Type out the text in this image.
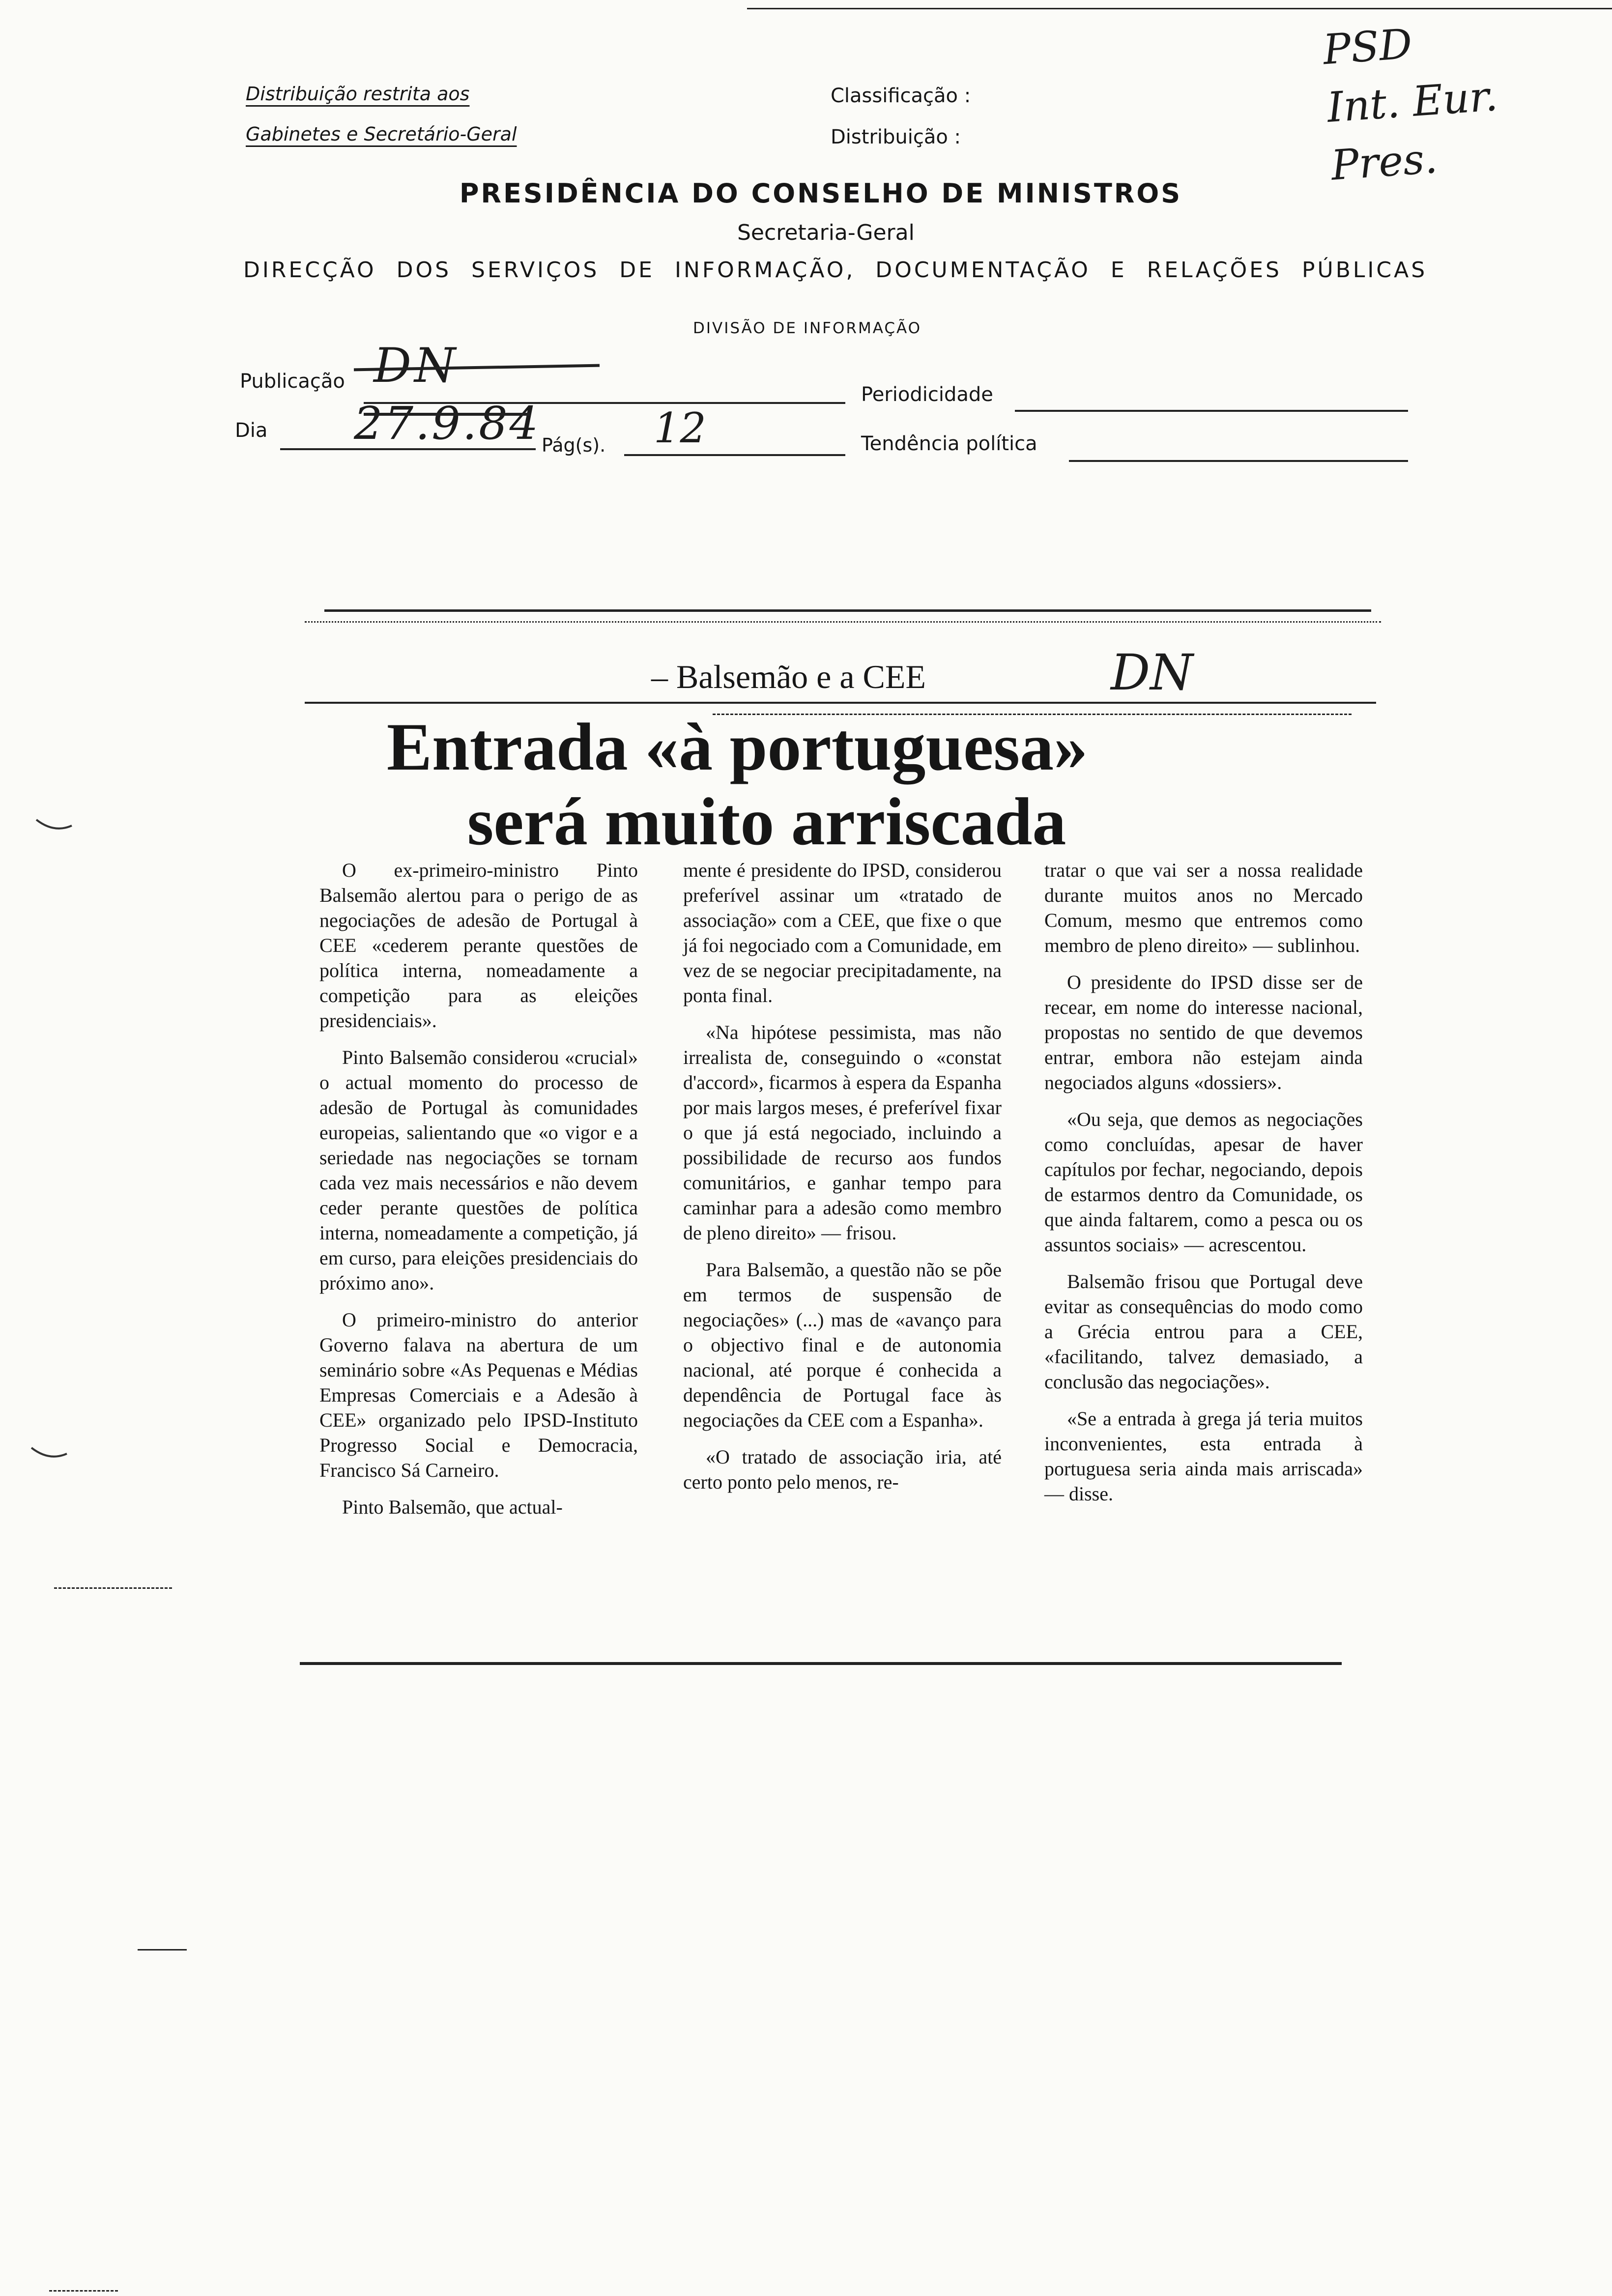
Distribuição restrita aos
Gabinetes e Secretário-Geral
Classificação :
Distribuição :
PSD
Int. Eur.
Pres.
PRESIDÊNCIA DO CONSELHO DE MINISTROS
Secretaria-Geral
DIRECÇÃO DOS SERVIÇOS DE INFORMAÇÃO, DOCUMENTAÇÃO E RELAÇÕES PÚBLICAS
DIVISÃO DE INFORMAÇÃO
Publicação DN
Dia 27.9.84 Pág(s). 12
Periodicidade
Tendência política
– Balsemão e a CEE	DN
Entrada «à portuguesa»
será muito arriscada

O ex-primeiro-ministro Pinto Balsemão alertou para o perigo de as negociações de adesão de Portugal à CEE «cederem perante questões de política interna, nomeadamente a competição para as eleições presidenciais».

Pinto Balsemão considerou «crucial» o actual momento do processo de adesão de Portugal às comunidades europeias, salientando que «o vigor e a seriedade nas negociações se tornam cada vez mais necessários e não devem ceder perante questões de política interna, nomeadamente a competição, já em curso, para eleições presidenciais do próximo ano».

O primeiro-ministro do anterior Governo falava na abertura de um seminário sobre «As Pequenas e Médias Empresas Comerciais e a Adesão à CEE» organizado pelo IPSD-Instituto Progresso Social e Democracia, Francisco Sá Carneiro.

Pinto Balsemão, que actual-

mente é presidente do IPSD, considerou preferível assinar um «tratado de associação» com a CEE, que fixe o que já foi negociado com a Comunidade, em vez de se negociar precipitadamente, na ponta final.

«Na hipótese pessimista, mas não irrealista de, conseguindo o «constat d'accord», ficarmos à espera da Espanha por mais largos meses, é preferível fixar o que já está negociado, incluindo a possibilidade de recurso aos fundos comunitários, e ganhar tempo para caminhar para a adesão como membro de pleno direito» — frisou.

Para Balsemão, a questão não se põe em termos de suspensão de negociações» (...) mas de «avanço para o objectivo final e de autonomia nacional, até porque é conhecida a dependência de Portugal face às negociações da CEE com a Espanha».

«O tratado de associação iria, até certo ponto pelo menos, re-

tratar o que vai ser a nossa realidade durante muitos anos no Mercado Comum, mesmo que entremos como membro de pleno direito» — sublinhou.

O presidente do IPSD disse ser de recear, em nome do interesse nacional, propostas no sentido de que devemos entrar, embora não estejam ainda negociados alguns «dossiers».

«Ou seja, que demos as negociações como concluídas, apesar de haver capítulos por fechar, negociando, depois de estarmos dentro da Comunidade, os que ainda faltarem, como a pesca ou os assuntos sociais» — acrescentou.

Balsemão frisou que Portugal deve evitar as consequências do modo como a Grécia entrou para a CEE, «facilitando, talvez demasiado, a conclusão das negociações».

«Se a entrada à grega já teria muitos inconvenientes, esta entrada à portuguesa seria ainda mais arriscada» — disse.
